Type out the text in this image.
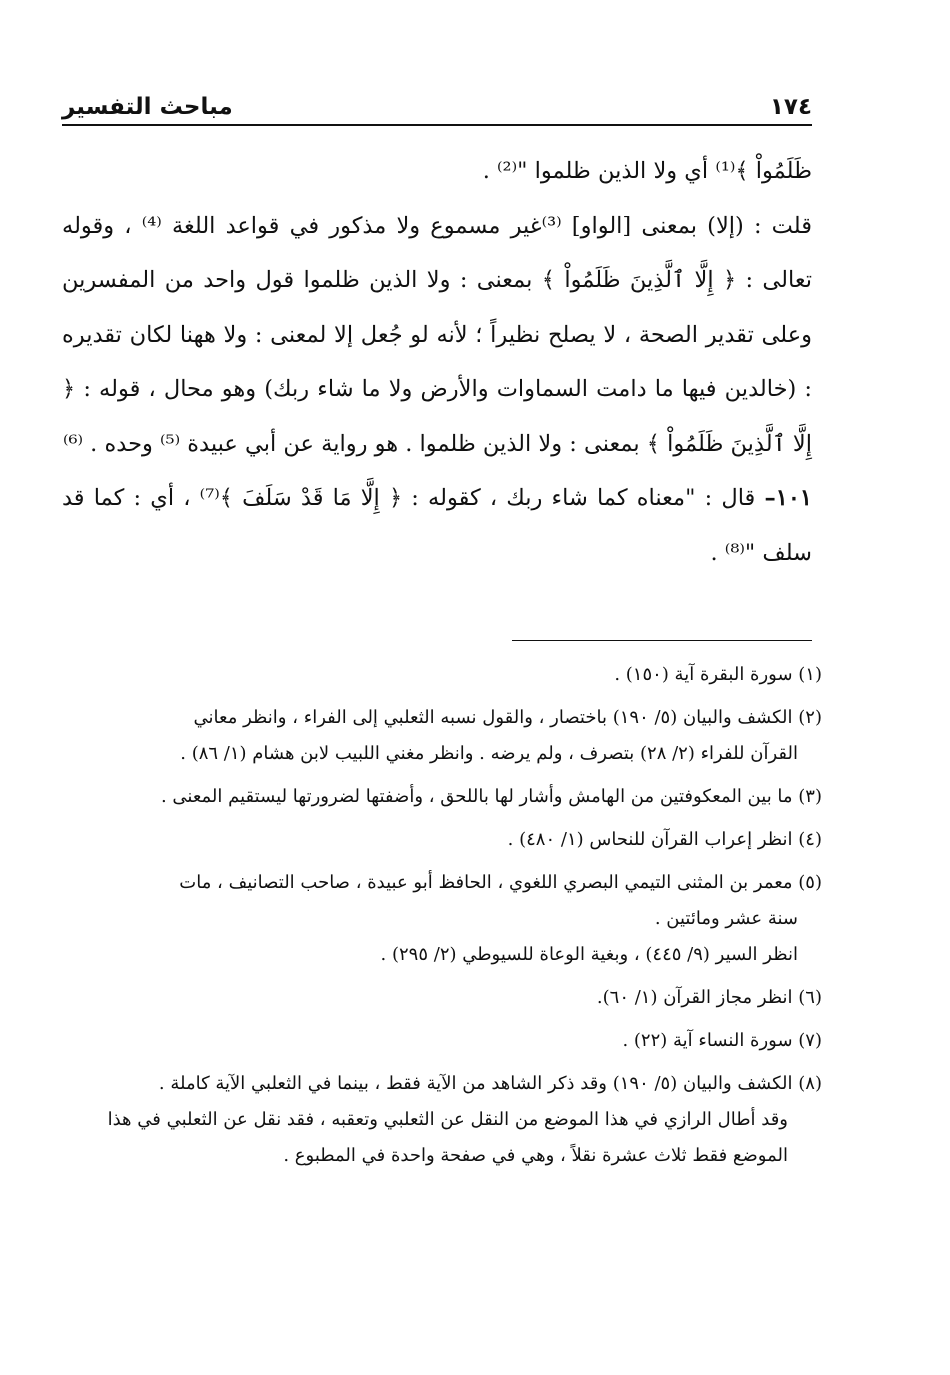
١٧٤
مباحث التفسير

ظَلَمُواْ ﴾⁽¹⁾ أي ولا الذين ظلموا "⁽²⁾ .

قلت : (إلا) بمعنى [الواو] ⁽³⁾غير مسموع ولا مذكور في قواعد اللغة ⁽⁴⁾ ، وقوله تعالى : ﴿ إِلَّا ٱلَّذِينَ ظَلَمُواْ ﴾ بمعنى : ولا الذين ظلموا قول واحد من المفسرين وعلى تقدير الصحة ، لا يصلح نظيراً ؛ لأنه لو جُعل إلا لمعنى : ولا ههنا لكان تقديره : (خالدين فيها ما دامت السماوات والأرض ولا ما شاء ربك) وهو محال ، قوله : ﴿ إِلَّا ٱلَّذِينَ ظَلَمُواْ ﴾ بمعنى : ولا الذين ظلموا . هو رواية عن أبي عبيدة ⁽⁵⁾ وحده . ⁽⁶⁾

١٠١– قال : "معناه كما شاء ربك ، كقوله : ﴿ إِلَّا مَا قَدْ سَلَفَ ﴾⁽⁷⁾ ، أي : كما قد سلف "⁽⁸⁾ .

(١) سورة البقرة آية (١٥٠) .

(٢) الكشف والبيان (٥/ ١٩٠) باختصار ، والقول نسبه الثعلبي إلى الفراء ، وانظر معاني
القرآن للفراء (٢/ ٢٨) بتصرف ، ولم يرضه . وانظر مغني اللبيب لابن هشام (١/ ٨٦) .

(٣) ما بين المعكوفتين من الهامش وأشار لها باللحق ، وأضفتها لضرورتها ليستقيم المعنى .

(٤) انظر إعراب القرآن للنحاس (١/ ٤٨٠) .

(٥) معمر بن المثنى التيمي البصري اللغوي ، الحافظ أبو عبيدة ، صاحب التصانيف ، مات
سنة عشر ومائتين .
انظر السير (٩/ ٤٤٥) ، وبغية الوعاة للسيوطي (٢/ ٢٩٥) .

(٦) انظر مجاز القرآن (١/ ٦٠).

(٧) سورة النساء آية (٢٢) .

(٨) الكشف والبيان (٥/ ١٩٠) وقد ذكر الشاهد من الآية فقط ، بينما في الثعلبي الآية كاملة .
وقد أطال الرازي في هذا الموضع من النقل عن الثعلبي وتعقبه ، فقد نقل عن الثعلبي في هذا
الموضع فقط ثلاث عشرة نقلاً ، وهي في صفحة واحدة في المطبوع .
